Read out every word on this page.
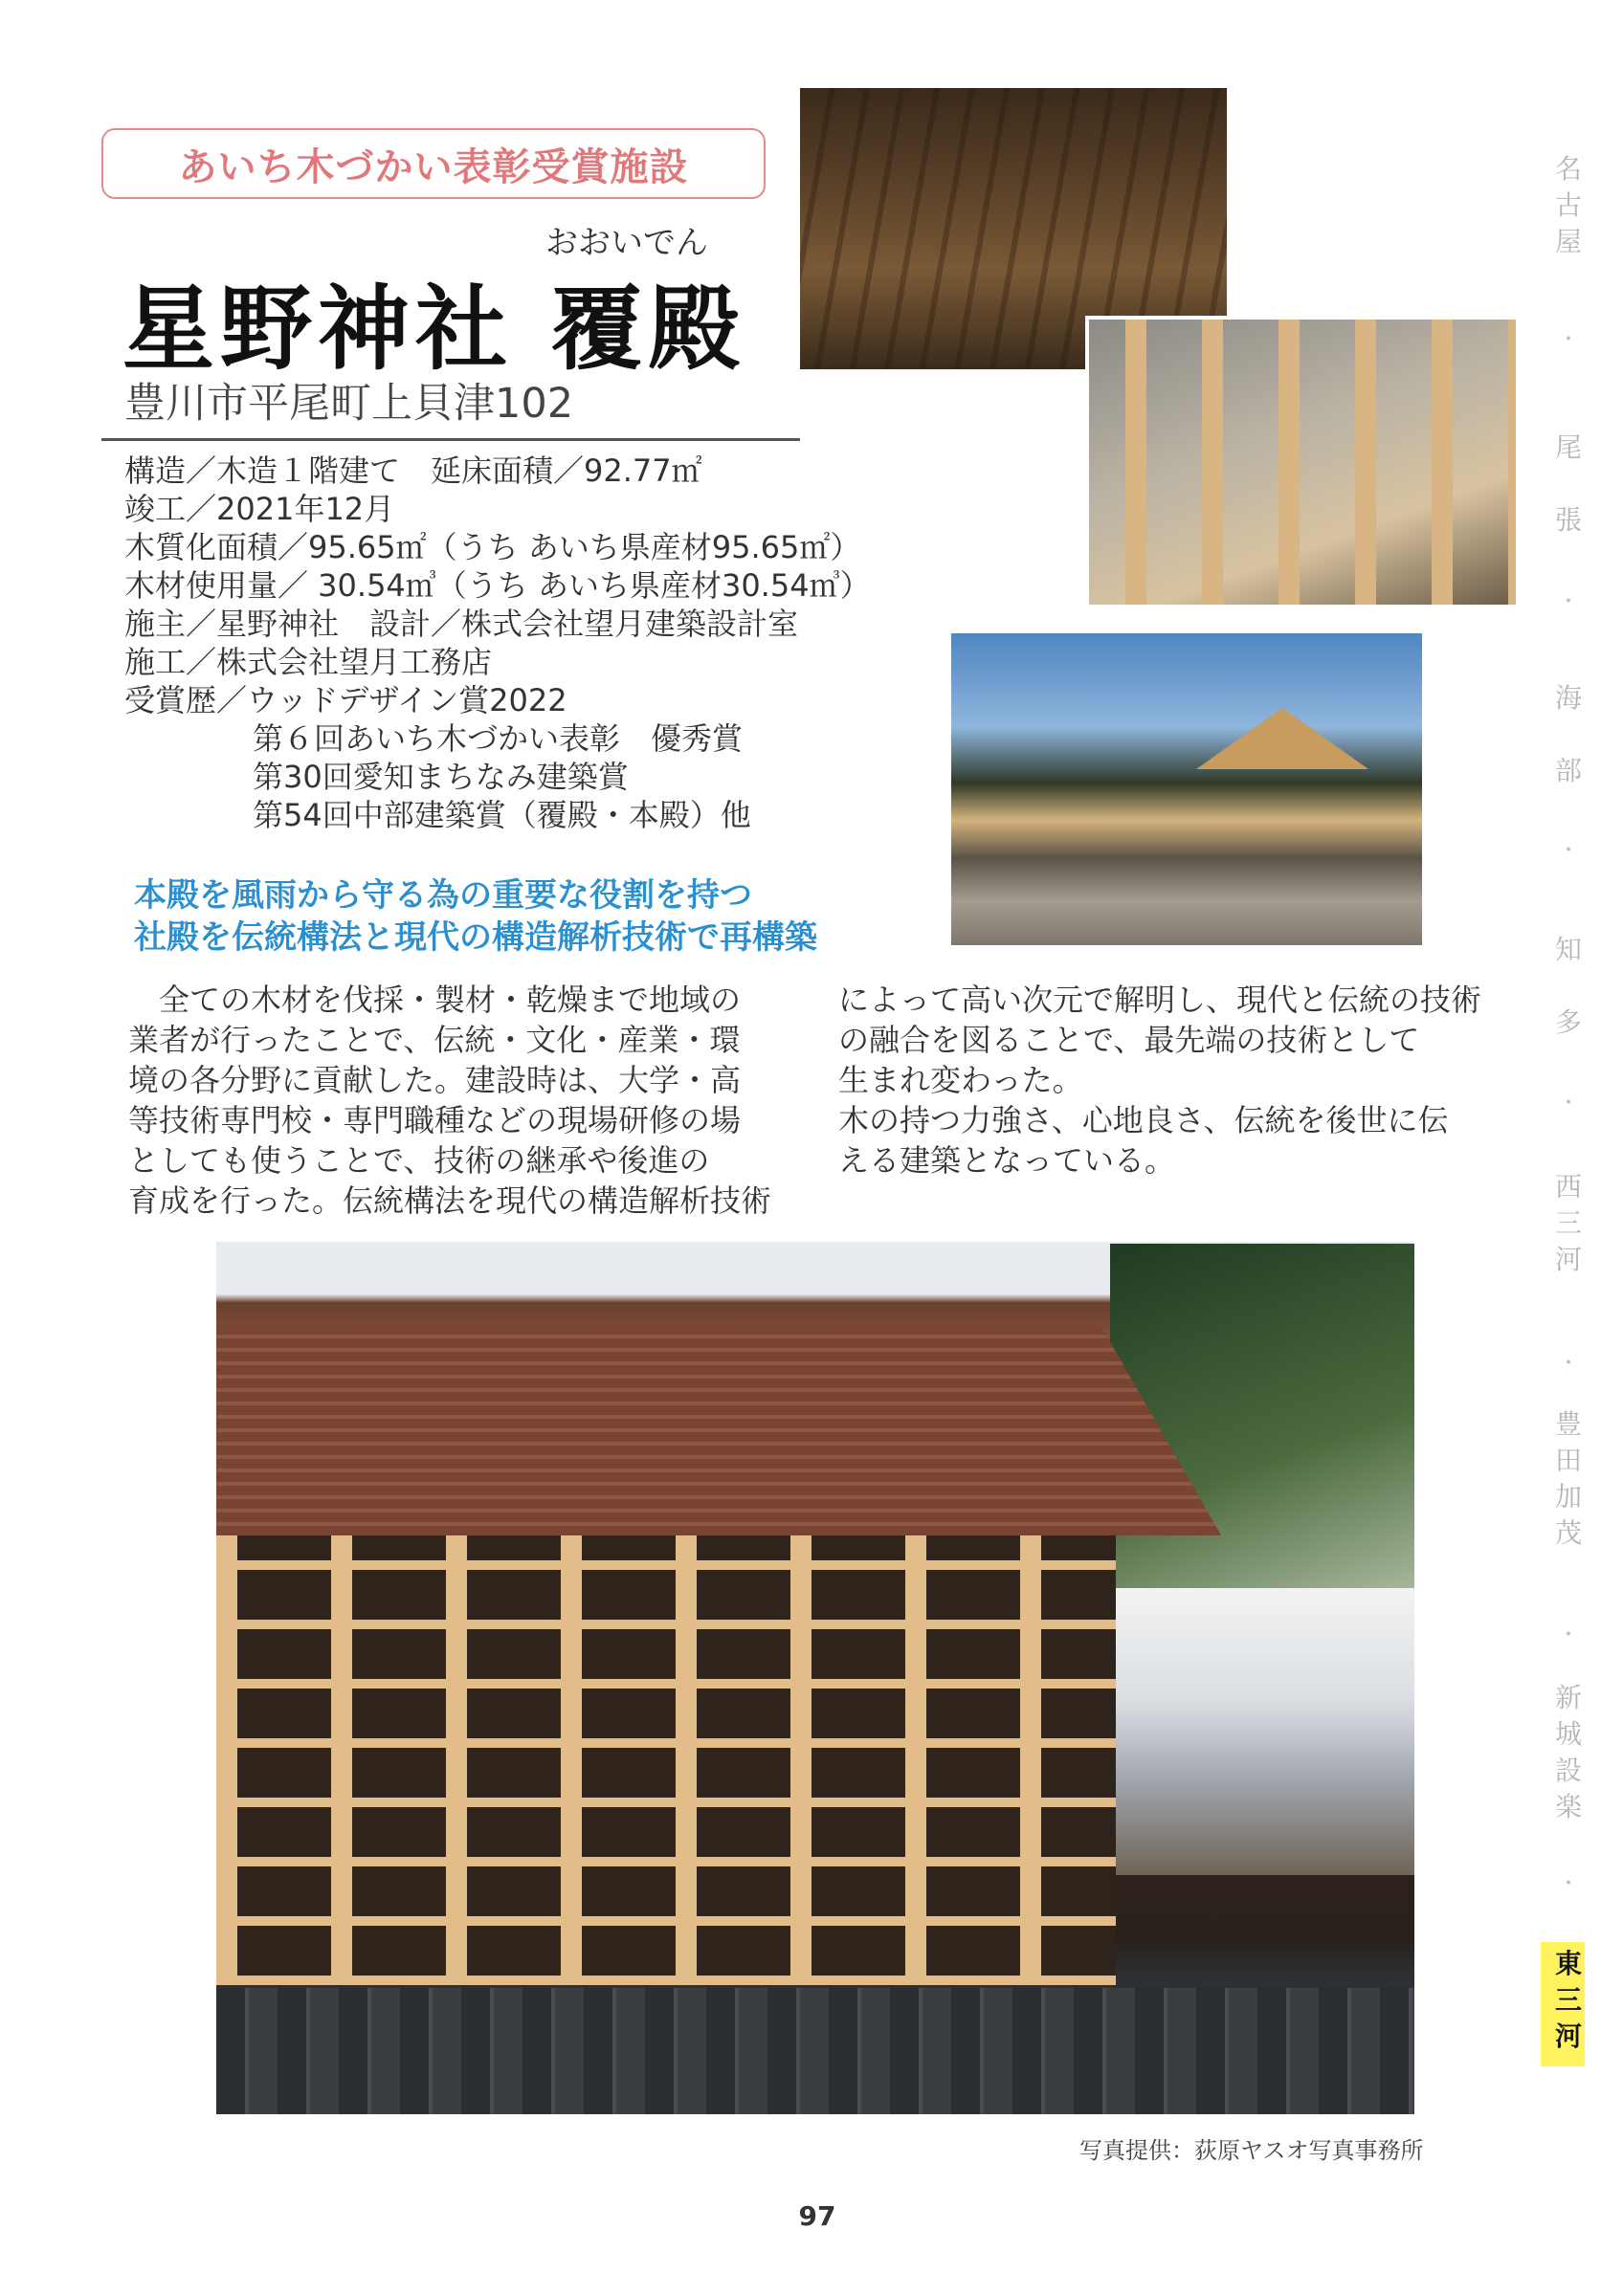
あいち木づかい表彰受賞施設
おおいでん
星野神社 覆殿
豊川市平尾町上貝津102
構造／木造１階建て　延床面積／92.77㎡
竣工／2021年12月
木質化面積／95.65㎡（うち あいち県産材95.65㎡）
木材使用量／ 30.54㎥（うち あいち県産材30.54㎥）
施主／星野神社　設計／株式会社望月建築設計室
施工／株式会社望月工務店
受賞歴／ウッドデザイン賞2022
第６回あいち木づかい表彰　優秀賞
第30回愛知まちなみ建築賞
第54回中部建築賞（覆殿・本殿）他
本殿を風雨から守る為の重要な役割を持つ
社殿を伝統構法と現代の構造解析技術で再構築
　全ての木材を伐採・製材・乾燥まで地域の
業者が行ったことで、伝統・文化・産業・環
境の各分野に貢献した。建設時は、大学・高
等技術専門校・専門職種などの現場研修の場
としても使うことで、技術の継承や後進の
育成を行った。伝統構法を現代の構造解析技術
によって高い次元で解明し、現代と伝統の技術
の融合を図ることで、最先端の技術として
生まれ変わった。
木の持つ力強さ、心地良さ、伝統を後世に伝
える建築となっている。
写真提供：荻原ヤスオ写真事務所
97
名
古
屋
尾
張
海
部
知
多
西
三
河
豊
田
加
茂
新
城
設
楽
東
三
河
・
・
・
・
・
・
・
